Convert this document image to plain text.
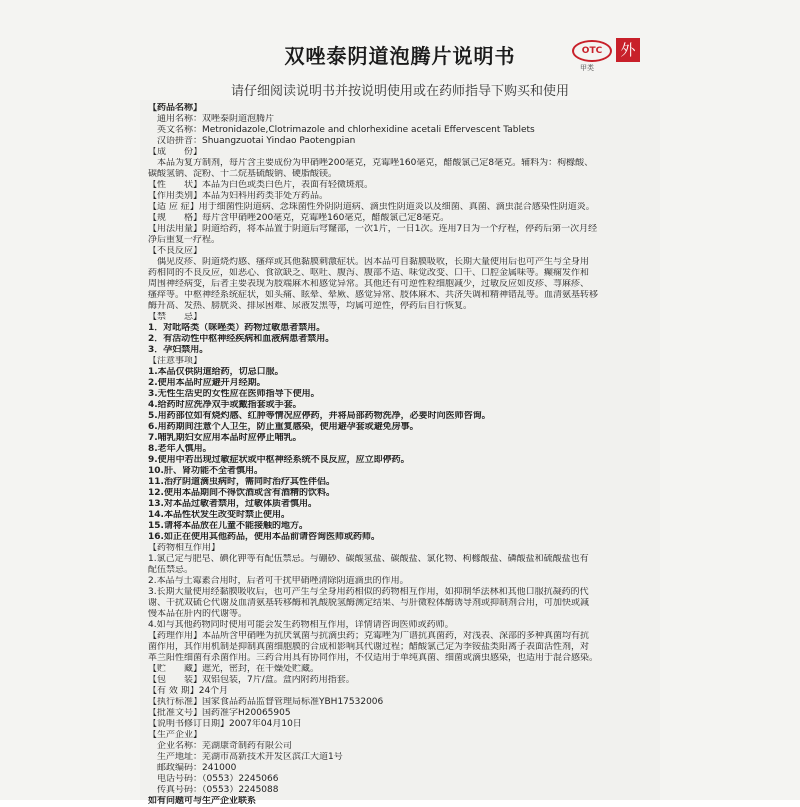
双唑泰阴道泡腾片说明书	OTC
甲类
外
请仔细阅读说明书并按说明使用或在药师指导下购买和使用
【药品名称】
　通用名称：双唑泰阴道泡腾片
　英文名称：Metronidazole,Clotrimazole and chlorhexidine acetali Effervescent Tablets
　汉语拼音：Shuangzuotai Yindao Paotengpian
【成　　份】
　本品为复方制剂，每片含主要成份为甲硝唑200毫克，克霉唑160毫克，醋酸氯己定8毫克。辅料为：枸橼酸、
碳酸氢钠、淀粉、十二烷基硫酸钠、硬脂酸镁。
【性　　状】本品为白色或类白色片，表面有轻微斑痕。
【作用类别】本品为妇科用药类非处方药品。
【适 应 症】用于细菌性阴道病、念珠菌性外阴阴道病、滴虫性阴道炎以及细菌、真菌、滴虫混合感染性阴道炎。
【规　　格】每片含甲硝唑200毫克，克霉唑160毫克，醋酸氯己定8毫克。
【用法用量】阴道给药，将本品置于阴道后穹窿部，一次1片，一日1次。连用7日为一个疗程，停药后第一次月经
净后重复一疗程。
【不良反应】
　偶见皮疹、阴道烧灼感、瘙痒或其他黏膜刺激症状。因本品可自黏膜吸收，长期大量使用后也可产生与全身用
药相同的不良反应，如恶心、食欲缺乏、呕吐、腹泻、腹部不适、味觉改变、口干、口腔金属味等。癫痫发作和
周围神经病变，后者主要表现为肢端麻木和感觉异常。其他还有可逆性粒细胞减少，过敏反应如皮疹、荨麻疹、
瘙痒等。中枢神经系统症状，如头痛、眩晕、晕厥、感觉异常、肢体麻木、共济失调和精神错乱等。血清氨基转移
酶升高、发热、膀胱炎、排尿困难、尿液发黑等，均属可逆性，停药后自行恢复。
【禁　　忌】
1．对吡咯类（咪唑类）药物过敏患者禁用。
2．有活动性中枢神经疾病和血液病患者禁用。
3．孕妇禁用。
【注意事项】
1.本品仅供阴道给药，切忌口服。
2.使用本品时应避开月经期。
3.无性生活史的女性应在医师指导下使用。
4.给药时应洗净双手或戴指套或手套。
5.用药部位如有烧灼感、红肿等情况应停药，并将局部药物洗净，必要时向医师咨询。
6.用药期间注意个人卫生，防止重复感染，使用避孕套或避免房事。
7.哺乳期妇女应用本品时应停止哺乳。
8.老年人慎用。
9.使用中若出现过敏症状或中枢神经系统不良反应，应立即停药。
10.肝、肾功能不全者慎用。
11.治疗阴道滴虫病时，需同时治疗其性伴侣。
12.使用本品期间不得饮酒或含有酒精的饮料。
13.对本品过敏者禁用，过敏体质者慎用。
14.本品性状发生改变时禁止使用。
15.请将本品放在儿童不能接触的地方。
16.如正在使用其他药品，使用本品前请咨询医师或药师。
【药物相互作用】
1.氯己定与肥皂、碘化钾等有配伍禁忌。与硼砂、碳酸氢盐、碳酸盐、氯化物、枸橼酸盐、磷酸盐和硫酸盐也有
配伍禁忌。
2.本品与土霉素合用时，后者可干扰甲硝唑清除阴道滴虫的作用。
3.长期大量使用经黏膜吸收后，也可产生与全身用药相似的药物相互作用，如抑制华法林和其他口服抗凝药的代
谢、干扰双硫仑代谢及血清氨基转移酶和乳酸脱氢酶测定结果、与肝微粒体酶诱导剂或抑制剂合用，可加快或减
慢本品在肝内的代谢等。
4.如与其他药物同时使用可能会发生药物相互作用，详情请咨询医师或药师。
【药理作用】本品所含甲硝唑为抗厌氧菌与抗滴虫药；克霉唑为广谱抗真菌药，对浅表、深部的多种真菌均有抗
菌作用，其作用机制是抑制真菌细胞膜的合成和影响其代谢过程；醋酸氯己定为季铵盐类阳离子表面活性剂，对
革兰阳性细菌有杀菌作用。三药合用具有协同作用，不仅适用于单纯真菌、细菌或滴虫感染，也适用于混合感染。
【贮　　藏】遮光，密封，在干燥处贮藏。
【包　　装】双铝包装，7片/盒。盒内附药用指套。
【有 效 期】24个月
【执行标准】国家食品药品监督管理局标准YBH17532006
【批准文号】国药准字H20065905
【说明书修订日期】2007年04月10日
【生产企业】
　企业名称：芜湖康奇制药有限公司
　生产地址：芜湖市高新技术开发区滨江大道1号
　邮政编码：241000
　电话号码：（0553）2245066
　传真号码：（0553）2245088
如有问题可与生产企业联系
